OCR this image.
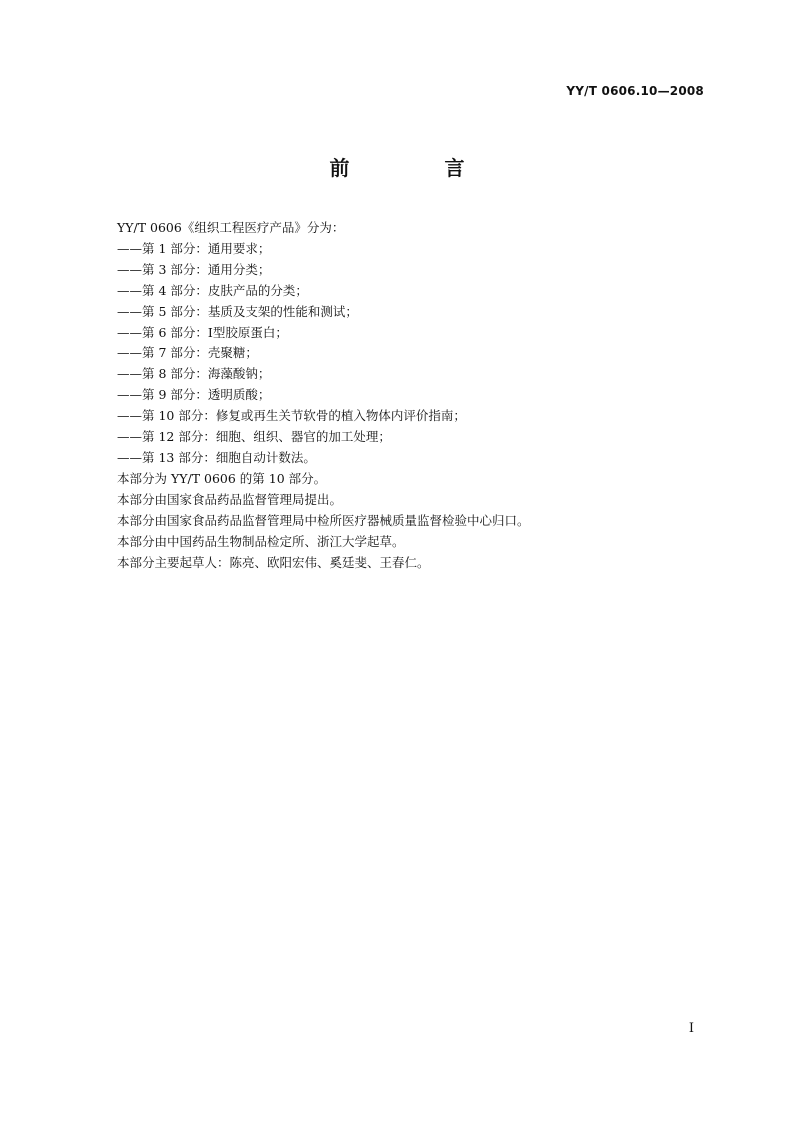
YY/T 0606.10—2008
前 言

YY/T 0606《组织工程医疗产品》分为：

——第 1 部分：通用要求；

——第 3 部分：通用分类；

——第 4 部分：皮肤产品的分类；

——第 5 部分：基质及支架的性能和测试；

——第 6 部分：Ⅰ型胶原蛋白；

——第 7 部分：壳聚糖；

——第 8 部分：海藻酸钠；

——第 9 部分：透明质酸；

——第 10 部分：修复或再生关节软骨的植入物体内评价指南；

——第 12 部分：细胞、组织、器官的加工处理；

——第 13 部分：细胞自动计数法。

本部分为 YY/T 0606 的第 10 部分。

本部分由国家食品药品监督管理局提出。

本部分由国家食品药品监督管理局中检所医疗器械质量监督检验中心归口。

本部分由中国药品生物制品检定所、浙江大学起草。

本部分主要起草人：陈亮、欧阳宏伟、奚廷斐、王春仁。

I
